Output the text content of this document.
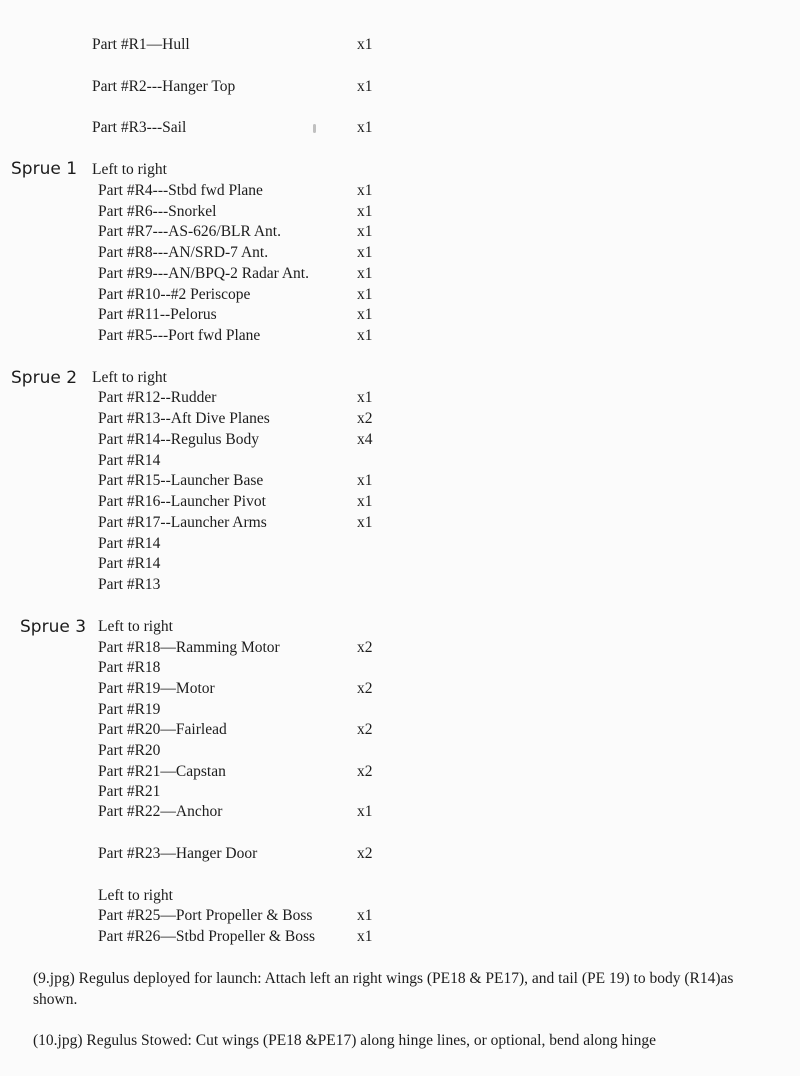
Part #R1—Hull	x1
Part #R2---Hanger Top	x1
Part #R3---Sail	x1
Sprue 1 Left to right
Part #R4---Stbd fwd Plane	x1
Part #R6---Snorkel	x1
Part #R7---AS-626/BLR Ant.	x1
Part #R8---AN/SRD-7 Ant.	x1
Part #R9---AN/BPQ-2 Radar Ant.	x1
Part #R10--#2 Periscope	x1
Part #R11--Pelorus	x1
Part #R5---Port fwd Plane	x1
Sprue 2 Left to right
Part #R12--Rudder	x1
Part #R13--Aft Dive Planes	x2
Part #R14--Regulus Body	x4
Part #R14
Part #R15--Launcher Base	x1
Part #R16--Launcher Pivot	x1
Part #R17--Launcher Arms	x1
Part #R14
Part #R14
Part #R13
Sprue 3 Left to right
Part #R18—Ramming Motor	x2
Part #R18
Part #R19—Motor	x2
Part #R19
Part #R20—Fairlead	x2
Part #R20
Part #R21—Capstan	x2
Part #R21
Part #R22—Anchor	x1
Part #R23—Hanger Door	x2
Left to right
Part #R25—Port Propeller & Boss	x1
Part #R26—Stbd Propeller & Boss	x1
(9.jpg) Regulus deployed for launch: Attach left an right wings (PE18 & PE17), and tail (PE 19) to body (R14)as shown.
(10.jpg) Regulus Stowed: Cut wings (PE18 &PE17) along hinge lines, or optional, bend along hinge
